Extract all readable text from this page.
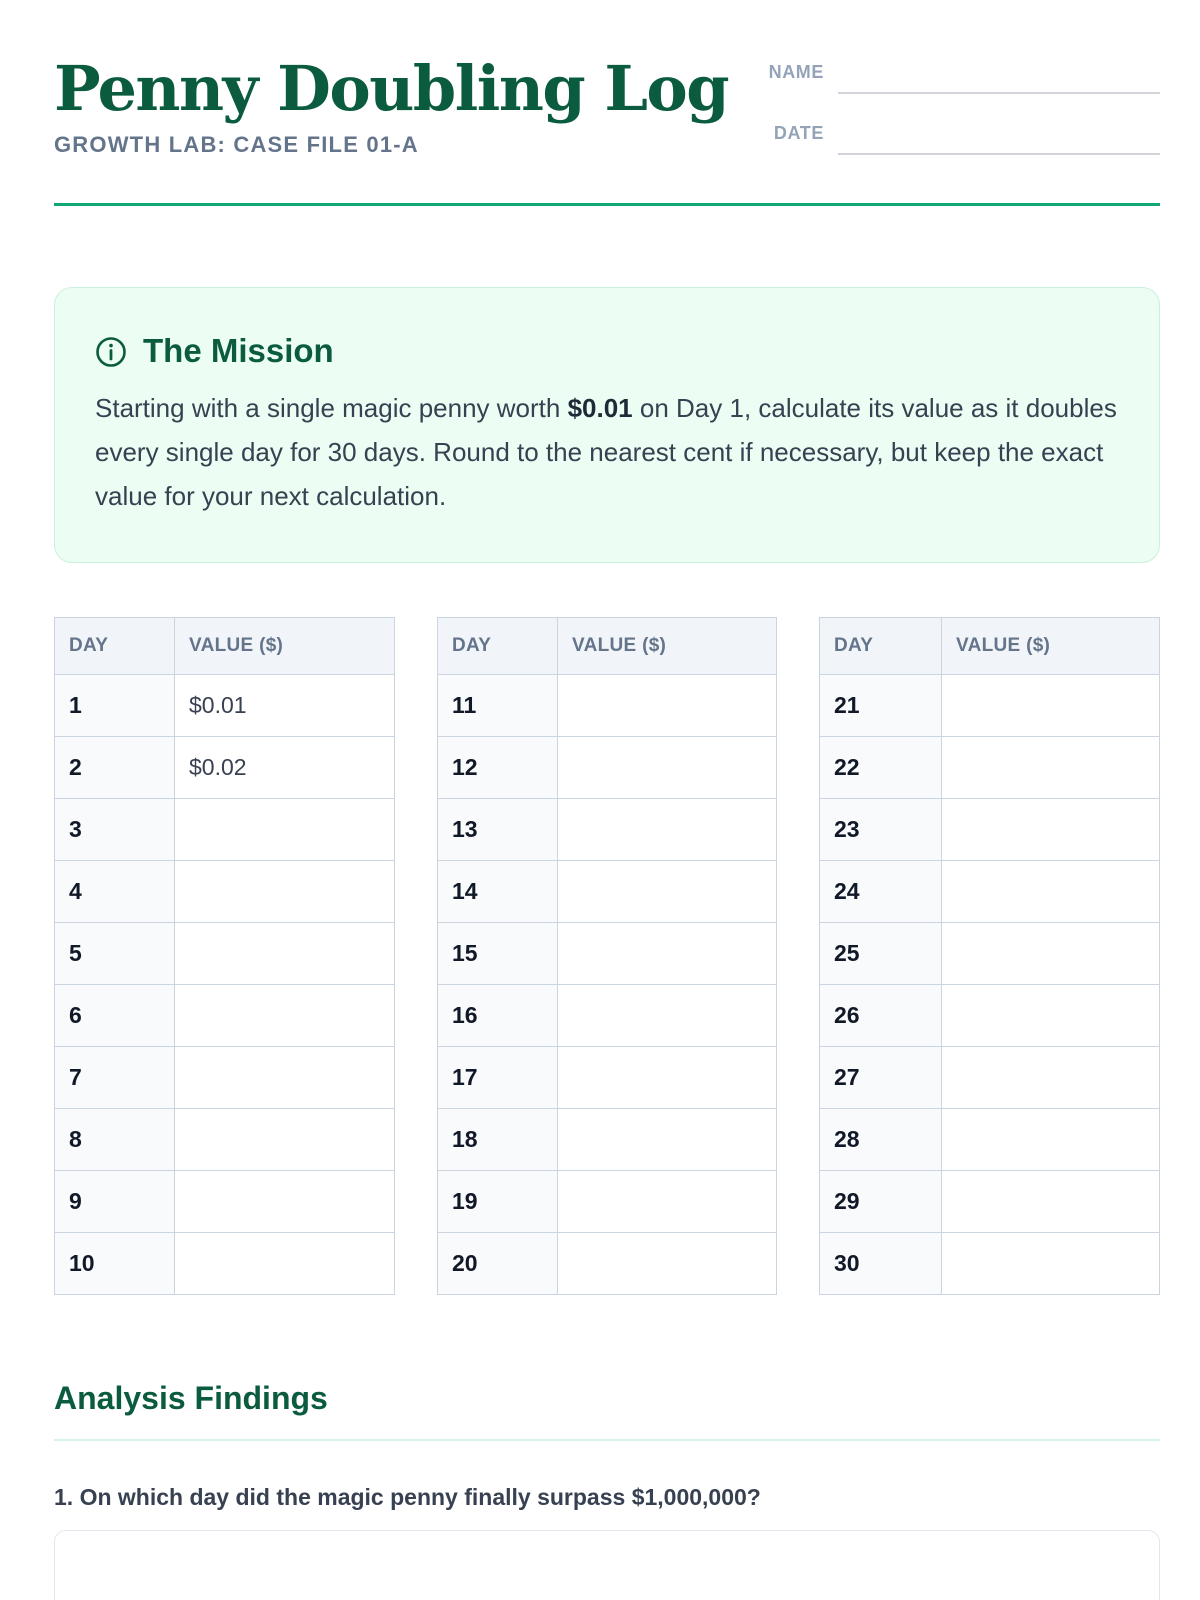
Penny Doubling Log
GROWTH LAB: CASE FILE 01-A
NAME
DATE
The Mission

Starting with a single magic penny worth $0.01 on Day 1, calculate its value as it doubles every single day for 30 days. Round to the nearest cent if necessary, but keep the exact value for your next calculation.

DAY	VALUE ($)
1	$0.01
2	$0.02
3	
4	
5	
6	
7	
8	
9	
10	
DAY	VALUE ($)
11	
12	
13	
14	
15	
16	
17	
18	
19	
20	
DAY	VALUE ($)
21	
22	
23	
24	
25	
26	
27	
28	
29	
30	
Analysis Findings
1. On which day did the magic penny finally surpass $1,000,000?
